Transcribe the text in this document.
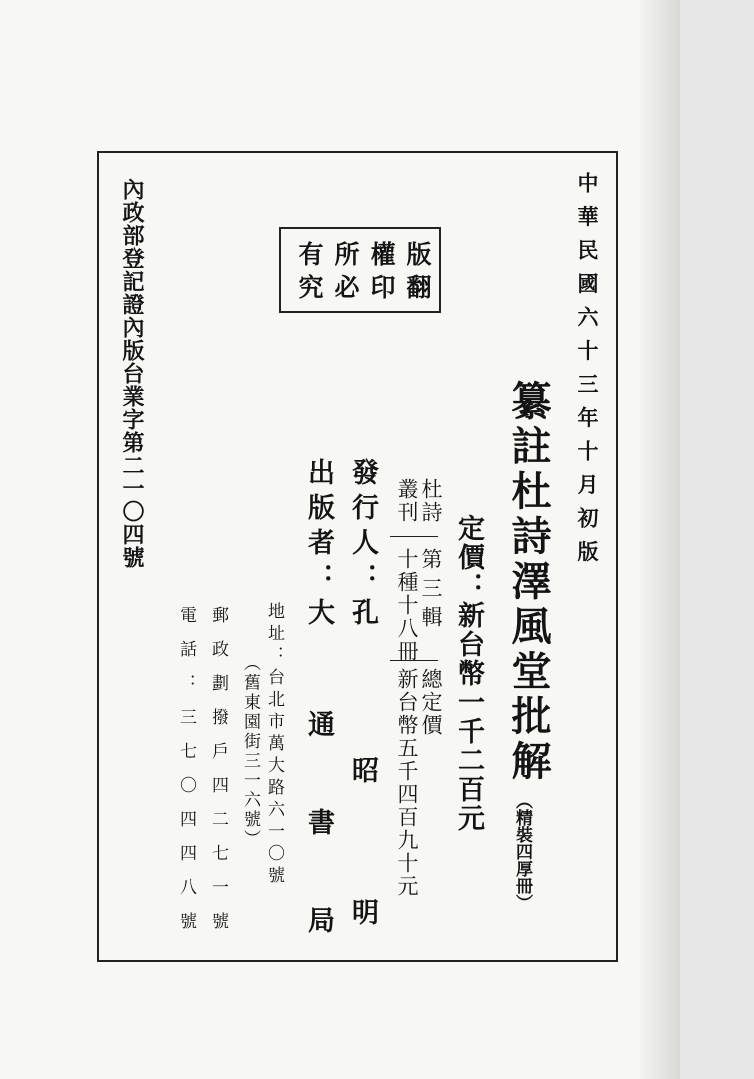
中華民國六十三年十月初版

纂註杜詩澤風堂批解

（精裝四厚冊）

定價：新台幣一千二百元

杜詩

叢刊

第三輯

十種十八冊

總定價

新台幣五千四百九十元

發行人：孔

昭

明

出版者：大

通

書

局

地址：台北市萬大路六一〇號

（舊東園街三一六號）

郵政劃撥戶四二七一號

電話：三七〇四四八號

版翻

權印

所必

有究

內政部登記證內版台業字第二一〇四號
